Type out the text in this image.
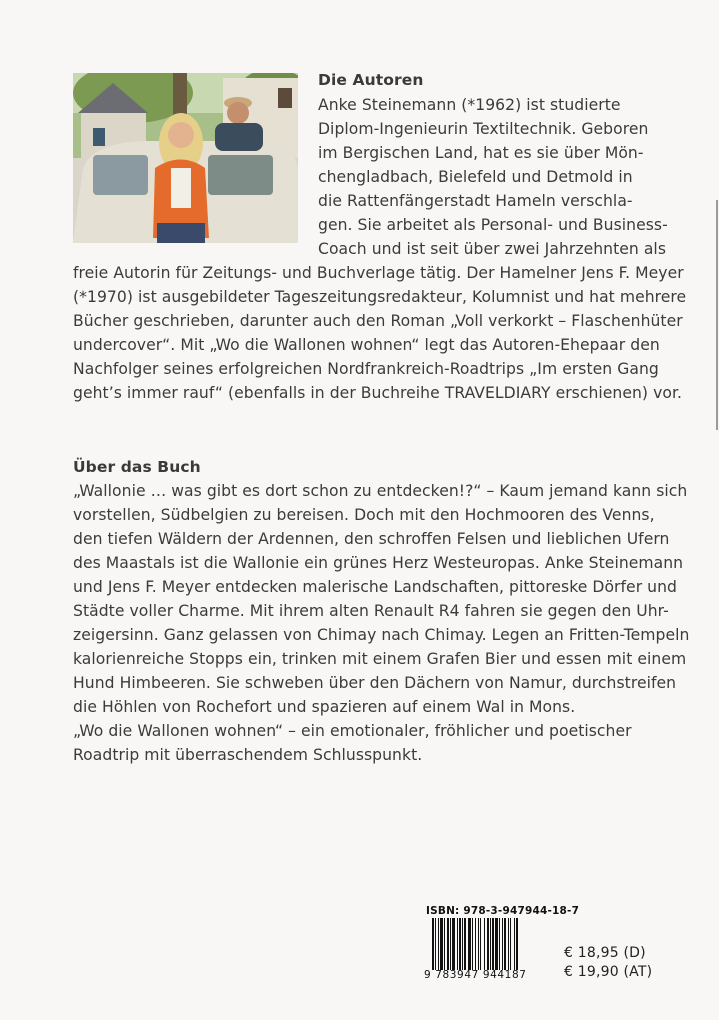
Die Autoren
Anke Steinemann (*1962) ist studierte
Diplom-Ingenieurin Textiltechnik. Geboren
im Bergischen Land, hat es sie über Mön-
chengladbach, Bielefeld und Detmold in
die Rattenfängerstadt Hameln verschla-
gen. Sie arbeitet als Personal- und Business-
Coach und ist seit über zwei Jahrzehnten als
freie Autorin für Zeitungs- und Buchverlage tätig. Der Hamelner Jens F. Meyer
(*1970) ist ausgebildeter Tageszeitungsredakteur, Kolumnist und hat mehrere
Bücher geschrieben, darunter auch den Roman „Voll verkorkt – Flaschenhüter
undercover“. Mit „Wo die Wallonen wohnen“ legt das Autoren-Ehepaar den
Nachfolger seines erfolgreichen Nordfrankreich-Roadtrips „Im ersten Gang
geht’s immer rauf“ (ebenfalls in der Buchreihe TRAVELDIARY erschienen) vor.
Über das Buch
„Wallonie … was gibt es dort schon zu entdecken!?“ – Kaum jemand kann sich
vorstellen, Südbelgien zu bereisen. Doch mit den Hochmooren des Venns,
den tiefen Wäldern der Ardennen, den schroffen Felsen und lieblichen Ufern
des Maastals ist die Wallonie ein grünes Herz Westeuropas. Anke Steinemann
und Jens F. Meyer entdecken malerische Landschaften, pittoreske Dörfer und
Städte voller Charme. Mit ihrem alten Renault R4 fahren sie gegen den Uhr-
zeigersinn. Ganz gelassen von Chimay nach Chimay. Legen an Fritten-Tempeln
kalorienreiche Stopps ein, trinken mit einem Grafen Bier und essen mit einem
Hund Himbeeren. Sie schweben über den Dächern von Namur, durchstreifen
die Höhlen von Rochefort und spazieren auf einem Wal in Mons.
„Wo die Wallonen wohnen“ – ein emotionaler, fröhlicher und poetischer
Roadtrip mit überraschendem Schlusspunkt.
ISBN: 978-3-947944-18-7
9 783947 944187
€ 18,95 (D)
€ 19,90 (AT)
